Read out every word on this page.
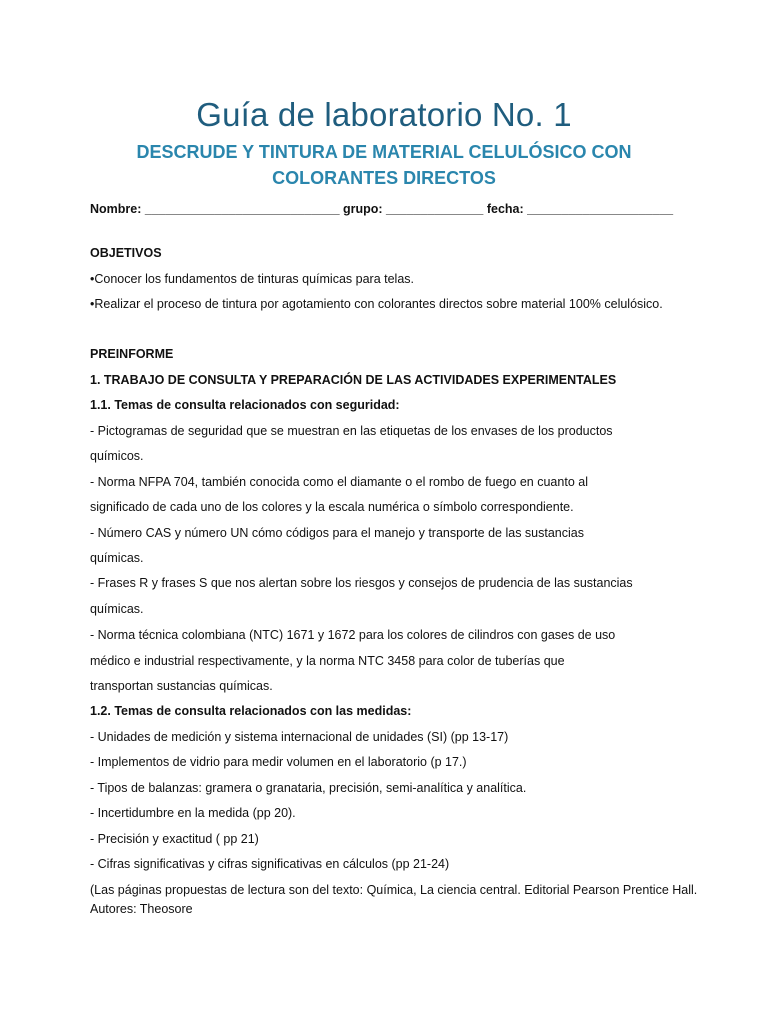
Guía de laboratorio No. 1
DESCRUDE Y TINTURA DE MATERIAL CELULÓSICO CON
COLORANTES DIRECTOS
Nombre: ____________________________ grupo: ______________ fecha: _____________________
OBJETIVOS
•Conocer los fundamentos de tinturas químicas para telas.
•Realizar el proceso de tintura por agotamiento con colorantes directos sobre material 100% celulósico.
PREINFORME
1. TRABAJO DE CONSULTA Y PREPARACIÓN DE LAS ACTIVIDADES EXPERIMENTALES
1.1. Temas de consulta relacionados con seguridad:
- Pictogramas de seguridad que se muestran en las etiquetas de los envases de los productos
químicos.
- Norma NFPA 704, también conocida como el diamante o el rombo de fuego en cuanto al
significado de cada uno de los colores y la escala numérica o símbolo correspondiente.
- Número CAS y número UN cómo códigos para el manejo y transporte de las sustancias
químicas.
- Frases R y frases S que nos alertan sobre los riesgos y consejos de prudencia de las sustancias
químicas.
- Norma técnica colombiana (NTC) 1671 y 1672 para los colores de cilindros con gases de uso
médico e industrial respectivamente, y la norma NTC 3458 para color de tuberías que
transportan sustancias químicas.
1.2. Temas de consulta relacionados con las medidas:
- Unidades de medición y sistema internacional de unidades (SI) (pp 13-17)
- Implementos de vidrio para medir volumen en el laboratorio (p 17.)
- Tipos de balanzas: gramera o granataria, precisión, semi-analítica y analítica.
- Incertidumbre en la medida (pp 20).
- Precisión y exactitud ( pp 21)
- Cifras significativas y cifras significativas en cálculos (pp 21-24)
(Las páginas propuestas de lectura son del texto: Química, La ciencia central. Editorial Pearson Prentice Hall. Autores: Theosore
